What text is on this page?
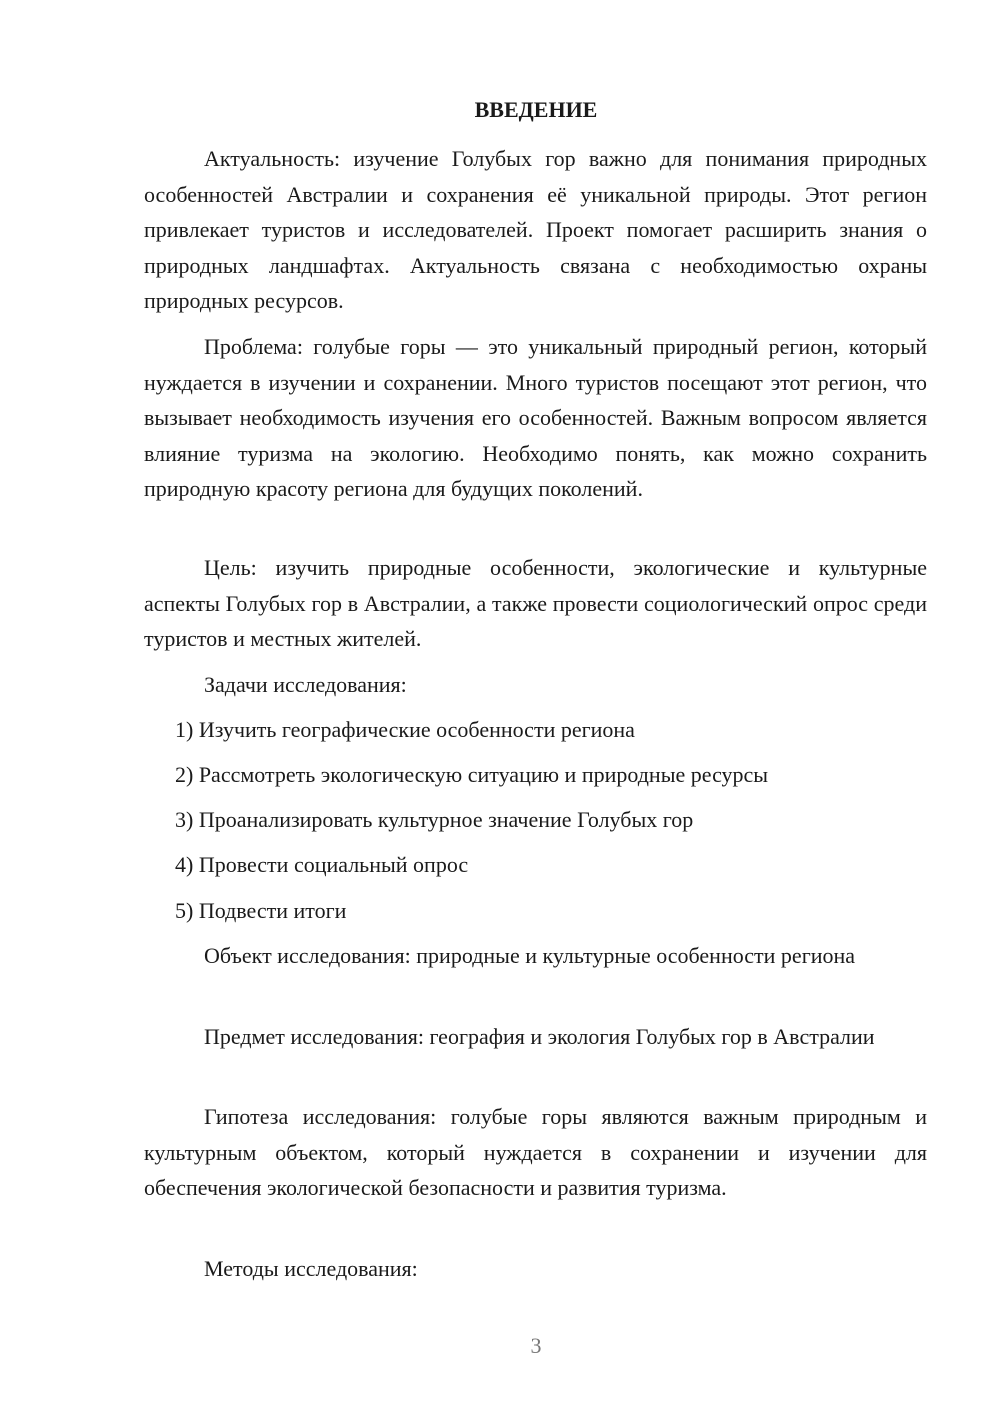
ВВЕДЕНИЕ

Актуальность: изучение Голубых гор важно для понимания природных особенностей Австралии и сохранения её уникальной природы. Этот регион привлекает туристов и исследователей. Проект помогает расширить знания о природных ландшафтах. Актуальность связана с необходимостью охраны природных ресурсов.

Проблема: голубые горы — это уникальный природный регион, который нуждается в изучении и сохранении. Много туристов посещают этот регион, что вызывает необходимость изучения его особенностей. Важным вопросом является влияние туризма на экологию. Необходимо понять, как можно сохранить природную красоту региона для будущих поколений.

Цель: изучить природные особенности, экологические и культурные аспекты Голубых гор в Австралии, а также провести социологический опрос среди туристов и местных жителей.

Задачи исследования:

1) Изучить географические особенности региона

2) Рассмотреть экологическую ситуацию и природные ресурсы

3) Проанализировать культурное значение Голубых гор

4) Провести социальный опрос

5) Подвести итоги

Объект исследования: природные и культурные особенности региона

Предмет исследования: география и экология Голубых гор в Австралии

Гипотеза исследования: голубые горы являются важным природным и культурным объектом, который нуждается в сохранении и изучении для обеспечения экологической безопасности и развития туризма.

Методы исследования:

3
